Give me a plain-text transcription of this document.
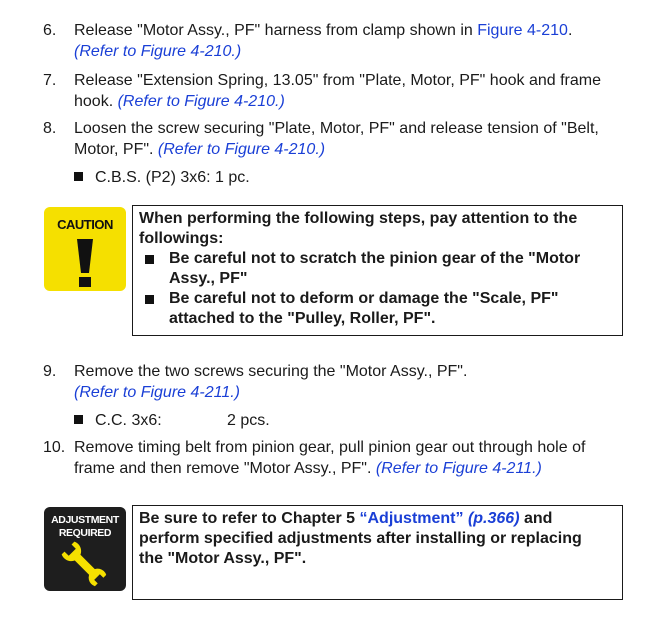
6. Release "Motor Assy., PF" harness from clamp shown in Figure 4-210.
(Refer to Figure 4-210.)
7. Release "Extension Spring, 13.05" from "Plate, Motor, PF" hook and frame
hook. (Refer to Figure 4-210.)
8. Loosen the screw securing "Plate, Motor, PF" and release tension of "Belt,
Motor, PF". (Refer to Figure 4-210.)
C.B.S. (P2) 3x6: 1 pc.
CAUTION	When performing the following steps, pay attention to the
followings:
Be careful not to scratch the pinion gear of the "Motor
Assy., PF"
Be careful not to deform or damage the "Scale, PF"
attached to the "Pulley, Roller, PF".
9. Remove the two screws securing the "Motor Assy., PF".
(Refer to Figure 4-211.)
C.C. 3x6:	2 pcs.
10. Remove timing belt from pinion gear, pull pinion gear out through hole of
frame and then remove "Motor Assy., PF". (Refer to Figure 4-211.)
ADJUSTMENT
REQUIRED
Be sure to refer to Chapter 5 “Adjustment” (p.366) and
perform specified adjustments after installing or replacing
the "Motor Assy., PF".
